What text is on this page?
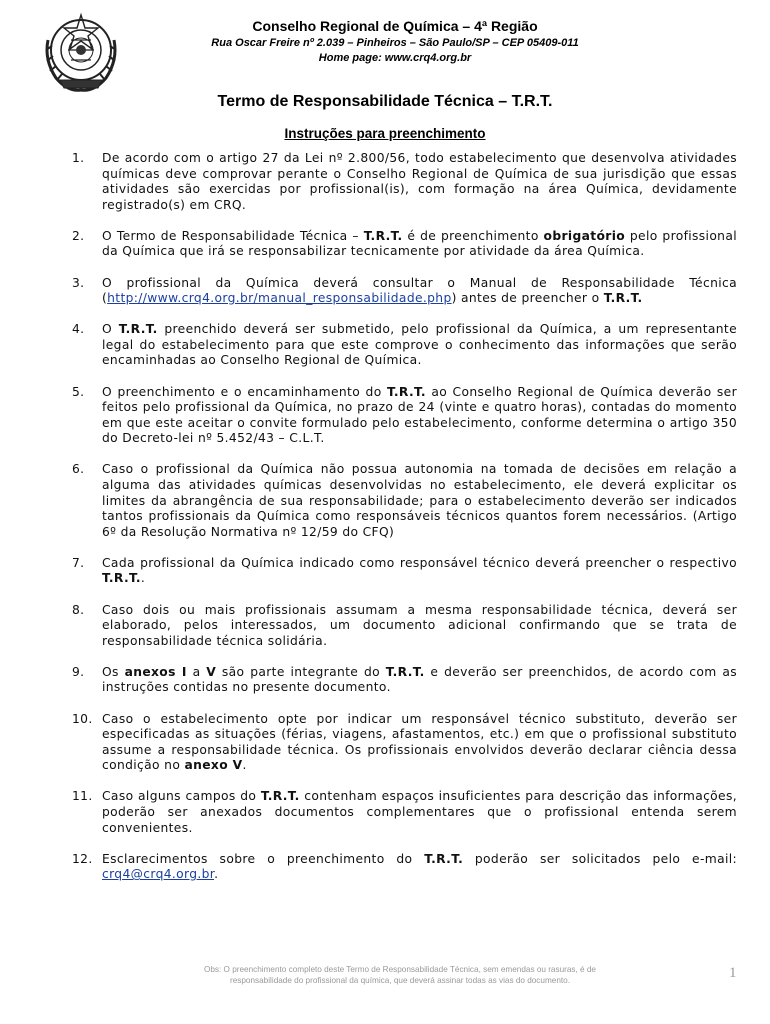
Conselho Regional de Química – 4ª Região
Rua Oscar Freire nº 2.039 – Pinheiros – São Paulo/SP – CEP 05409-011
Home page: www.crq4.org.br
Termo de Responsabilidade Técnica – T.R.T.
Instruções para preenchimento
1. De acordo com o artigo 27 da Lei nº 2.800/56, todo estabelecimento que desenvolva atividades químicas deve comprovar perante o Conselho Regional de Química de sua jurisdição que essas atividades são exercidas por profissional(is), com formação na área Química, devidamente registrado(s) em CRQ.
2. O Termo de Responsabilidade Técnica – T.R.T. é de preenchimento obrigatório pelo profissional da Química que irá se responsabilizar tecnicamente por atividade da área Química.
3. O profissional da Química deverá consultar o Manual de Responsabilidade Técnica (http://www.crq4.org.br/manual_responsabilidade.php) antes de preencher o T.R.T.
4. O T.R.T. preenchido deverá ser submetido, pelo profissional da Química, a um representante legal do estabelecimento para que este comprove o conhecimento das informações que serão encaminhadas ao Conselho Regional de Química.
5. O preenchimento e o encaminhamento do T.R.T. ao Conselho Regional de Química deverão ser feitos pelo profissional da Química, no prazo de 24 (vinte e quatro horas), contadas do momento em que este aceitar o convite formulado pelo estabelecimento, conforme determina o artigo 350 do Decreto-lei nº 5.452/43 – C.L.T.
6. Caso o profissional da Química não possua autonomia na tomada de decisões em relação a alguma das atividades químicas desenvolvidas no estabelecimento, ele deverá explicitar os limites da abrangência de sua responsabilidade; para o estabelecimento deverão ser indicados tantos profissionais da Química como responsáveis técnicos quantos forem necessários. (Artigo 6º da Resolução Normativa nº 12/59 do CFQ)
7. Cada profissional da Química indicado como responsável técnico deverá preencher o respectivo T.R.T..
8. Caso dois ou mais profissionais assumam a mesma responsabilidade técnica, deverá ser elaborado, pelos interessados, um documento adicional confirmando que se trata de responsabilidade técnica solidária.
9. Os anexos I a V são parte integrante do T.R.T. e deverão ser preenchidos, de acordo com as instruções contidas no presente documento.
10. Caso o estabelecimento opte por indicar um responsável técnico substituto, deverão ser especificadas as situações (férias, viagens, afastamentos, etc.) em que o profissional substituto assume a responsabilidade técnica. Os profissionais envolvidos deverão declarar ciência dessa condição no anexo V.
11. Caso alguns campos do T.R.T. contenham espaços insuficientes para descrição das informações, poderão ser anexados documentos complementares que o profissional entenda serem convenientes.
12. Esclarecimentos sobre o preenchimento do T.R.T. poderão ser solicitados pelo e-mail: crq4@crq4.org.br.
Obs: O preenchimento completo deste Termo de Responsabilidade Técnica, sem emendas ou rasuras, é de responsabilidade do profissional da química, que deverá assinar todas as vias do documento.	1
